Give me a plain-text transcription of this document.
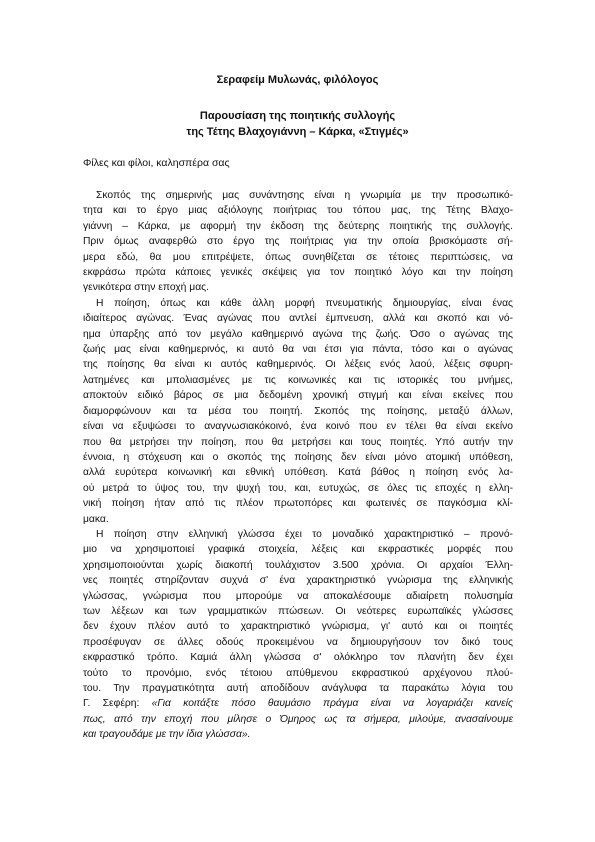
Σεραφείμ Μυλωνάς, φιλόλογος
Παρουσίαση της ποιητικής συλλογής
της Τέτης Βλαχογιάννη – Κάρκα, «Στιγμές»
Φίλες και φίλοι, καλησπέρα σας
Σκοπός της σημερινής μας συνάντησης είναι η γνωριμία με την προσωπικό-
τητα και το έργο μιας αξιόλογης ποιήτριας του τόπου μας, της Τέτης Βλαχο-
γιάννη – Κάρκα, με αφορμή την έκδοση της δεύτερης ποιητικής της συλλογής.
Πριν όμως αναφερθώ στο έργο της ποιήτριας για την οποία βρισκόμαστε σή-
μερα εδώ, θα μου επιτρέψετε, όπως συνηθίζεται σε τέτοιες περιπτώσεις, να
εκφράσω πρώτα κάποιες γενικές σκέψεις για τον ποιητικό λόγο και την ποίηση
γενικότερα στην εποχή μας.
Η ποίηση, όπως και κάθε άλλη μορφή πνευματικής δημιουργίας, είναι ένας
ιδιαίτερος αγώνας. Ένας αγώνας που αντλεί έμπνευση, αλλά και σκοπό και νό-
ημα ύπαρξης από τον μεγάλο καθημερινό αγώνα της ζωής. Όσο ο αγώνας της
ζωής μας είναι καθημερινός, κι αυτό θα ναι έτσι για πάντα, τόσο και ο αγώνας
της ποίησης θα είναι κι αυτός καθημερινός. Οι λέξεις ενός λαού, λέξεις σφυρη-
λατημένες και μπολιασμένες με τις κοινωνικές και τις ιστορικές του μνήμες,
αποκτούν ειδικό βάρος σε μια δεδομένη χρονική στιγμή και είναι εκείνες που
διαμορφώνουν και τα μέσα του ποιητή. Σκοπός της ποίησης, μεταξύ άλλων,
είναι να εξυψώσει το αναγνωσιακόκοινό, ένα κοινό που εν τέλει θα είναι εκείνο
που θα μετρήσει την ποίηση, που θα μετρήσει και τους ποιητές. Υπό αυτήν την
έννοια, η στόχευση και ο σκοπός της ποίησης δεν είναι μόνο ατομική υπόθεση,
αλλά ευρύτερα κοινωνική και εθνική υπόθεση. Κατά βάθος η ποίηση ενός λα-
ού μετρά το ύψος του, την ψυχή του, και, ευτυχώς, σε όλες τις εποχές η ελλη-
νική ποίηση ήταν από τις πλέον πρωτοπόρες και φωτεινές σε παγκόσμια κλί-
μακα.
Η ποίηση στην ελληνική γλώσσα έχει το μοναδικό χαρακτηριστικό – προνό-
μιο να χρησιμοποιεί γραφικά στοιχεία, λέξεις και εκφραστικές μορφές που
χρησιμοποιούνται χωρίς διακοπή τουλάχιστον 3.500 χρόνια. Οι αρχαίοι Έλλη-
νες ποιητές στηρίζονταν συχνά σ' ένα χαρακτηριστικό γνώρισμα της ελληνικής
γλώσσας, γνώρισμα που μπορούμε να αποκαλέσουμε αδιαίρετη πολυσημία
των λέξεων και των γραμματικών πτώσεων. Οι νεότερες ευρωπαϊκές γλώσσες
δεν έχουν πλέον αυτό το χαρακτηριστικό γνώρισμα, γι' αυτό και οι ποιητές
προσέφυγαν σε άλλες οδούς προκειμένου να δημιουργήσουν τον δικό τους
εκφραστικό τρόπο. Καμιά άλλη γλώσσα σ' ολόκληρο τον πλανήτη δεν έχει
τούτο το προνόμιο, ενός τέτοιου απύθμενου εκφραστικού αρχέγονου πλού-
του. Την πραγματικότητα αυτή αποδίδουν ανάγλυφα τα παρακάτω λόγια του
Γ. Σεφέρη: «Για κοιτάξτε πόσο θαυμάσιο πράγμα είναι να λογαριάζει κανείς
πως, από την εποχή που μίλησε ο Όμηρος ως τα σήμερα, μιλούμε, ανασαίνουμε
και τραγουδάμε με την ίδια γλώσσα».
